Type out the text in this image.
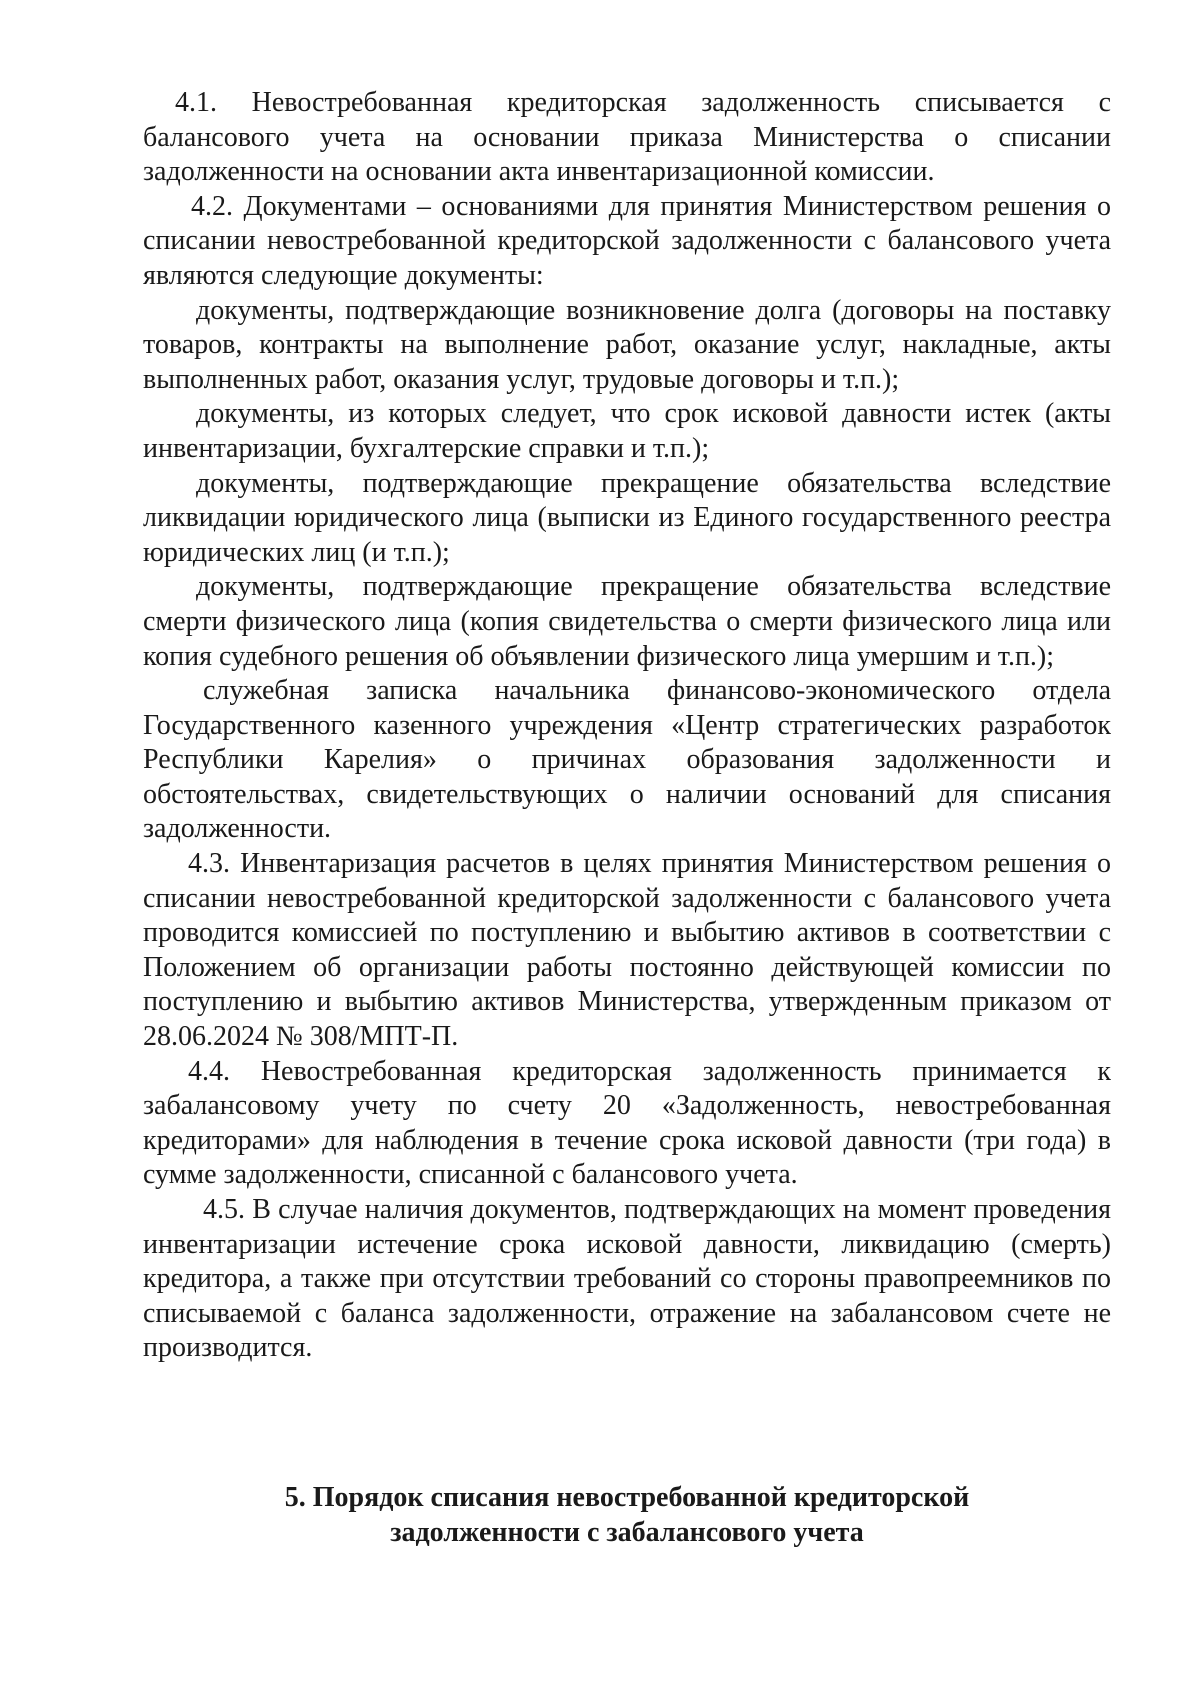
4.1. Невостребованная кредиторская задолженность списывается с балансового учета на основании приказа Министерства о списании задолженности на основании акта инвентаризационной комиссии.

4.2. Документами – основаниями для принятия Министерством решения о списании невостребованной кредиторской задолженности с балансового учета являются следующие документы:

документы, подтверждающие возникновение долга (договоры на поставку товаров, контракты на выполнение работ, оказание услуг, накладные, акты выполненных работ, оказания услуг, трудовые договоры и т.п.);

документы, из которых следует, что срок исковой давности истек (акты инвентаризации, бухгалтерские справки и т.п.);

документы, подтверждающие прекращение обязательства вследствие ликвидации юридического лица (выписки из Единого государственного реестра юридических лиц (и т.п.);

документы, подтверждающие прекращение обязательства вследствие смерти физического лица (копия свидетельства о смерти физического лица или копия судебного решения об объявлении физического лица умершим и т.п.);

служебная записка начальника финансово-экономического отдела Государственного казенного учреждения «Центр стратегических разработок Республики Карелия» о причинах образования задолженности и обстоятельствах, свидетельствующих о наличии оснований для списания задолженности.

4.3. Инвентаризация расчетов в целях принятия Министерством решения о списании невостребованной кредиторской задолженности с балансового учета проводится комиссией по поступлению и выбытию активов в соответствии с Положением об организации работы постоянно действующей комиссии по поступлению и выбытию активов Министерства, утвержденным приказом от 28.06.2024 № 308/МПТ-П.

4.4. Невостребованная кредиторская задолженность принимается к забалансовому учету по счету 20 «Задолженность, невостребованная кредиторами» для наблюдения в течение срока исковой давности (три года) в сумме задолженности, списанной с балансового учета.

4.5. В случае наличия документов, подтверждающих на момент проведения инвентаризации истечение срока исковой давности, ликвидацию (смерть) кредитора, а также при отсутствии требований со стороны правопреемников по списываемой с баланса задолженности, отражение на забалансовом счете не производится.

5. Порядок списания невостребованной кредиторской
задолженности с забалансового учета
